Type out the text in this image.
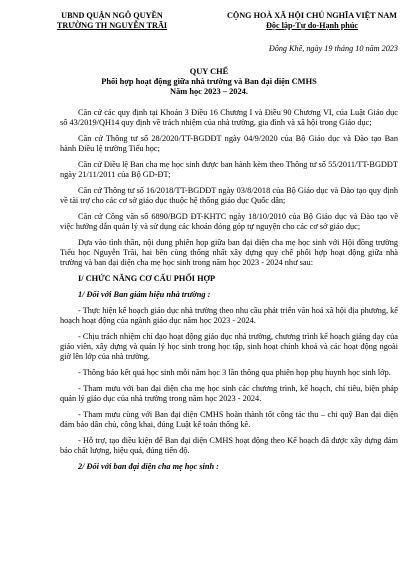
UBND QUẬN NGÔ QUYỀN
TRƯỜNG TH NGUYỄN TRÃI
CỘNG HOÀ XÃ HỘI CHỦ NGHĨA VIỆT NAM
Độc lập-Tự do-Hạnh phúc
Đông Khê, ngày 19 tháng 10 năm 2023
QUY CHẾ
Phối hợp hoạt động giữa nhà trường và Ban đại diện CMHS
Năm học 2023 – 2024.

Căn cứ các quy định tại Khoản 3 Điều 16 Chương I và Điều 90 Chương VI, của Luật Giáo dục số 43/2019/QH14 quy định về trách nhiệm của nhà trường, gia đình và xã hội trong Giáo dục;

Căn cứ Thông tư số 28/2020/TT-BGDĐT ngày 04/9/2020 của Bộ Giáo dục và Đào tạo Ban hành Điều lệ trường Tiểu học;

Căn cứ Điều lệ Ban cha mẹ học sinh được ban hành kèm theo Thông tư số 55/2011/TT-BGDĐT ngày 21/11/2011 của Bộ GD-ĐT;

Căn cứ Thông tư số 16/2018/TT-BGDĐT ngày 03/8/2018 của Bộ Giáo dục và Đào tạo quy định về tài trợ cho các cơ sở giáo dục thuộc hệ thống giáo dục Quốc dân;

Căn cứ Công văn số 6890/BGD ĐT-KHTC ngày 18/10/2010 của Bộ Giáo dục và Đào tạo về việc hướng dẫn quản lý và sử dụng các khoản đóng góp tự nguyện cho các cơ sở giáo dục;

Dựa vào tình thần, nội dung phiên họp giữa ban đại diện cha mẹ học sinh với Hội đồng trường Tiểu học Nguyễn Trãi, hai bên cùng thống nhất xây dựng quy chế phối hợp hoạt động giữa nhà trường và ban đại diện cha mẹ học sinh trong năm học 2023 - 2024 như sau:

I/ CHỨC NĂNG CƠ CẤU PHỐI HỢP
1/ Đối với Ban giám hiệu nhà trường :

- Thực hiện kế hoạch giáo dục nhà trường theo nhu cầu phát triển văn hoá xã hội địa phương, kế hoạch hoạt động của ngành giáo dục năm học 2023 - 2024.

- Chịu trách nhiệm chỉ đạo hoạt động giáo dục nhà trường, chương trình kế hoạch giảng dạy của giáo viên, xây dựng và quản lý học sinh trong học tập, sinh hoạt chính khoá và các hoạt động ngoài giờ lên lớp của nhà trường.

- Thông báo kết quả học sinh mỗi năm học 3 lần thông qua phiên họp phụ huynh học sinh lớp.

- Tham mưu với ban đại diện cha mẹ học sinh các chương trình, kế hoạch, chỉ tiêu, biện pháp quản lý giáo dục của nhà trường trong năm học 2023 - 2024.

- Tham mưu cùng với Ban đại diện CMHS hoàn thành tốt công tác thu – chi quỹ Ban đại diện đảm bảo dân chủ, công khai, đúng Luật kế toán thống kê.

- Hỗ trợ, tạo điều kiện để Ban đại diện CMHS hoạt động theo Kế hoạch đã được xây dựng đảm bảo chất lượng, hiệu quả, đúng tiến độ.

2/ Đối với ban đại diện cha mẹ học sinh :
